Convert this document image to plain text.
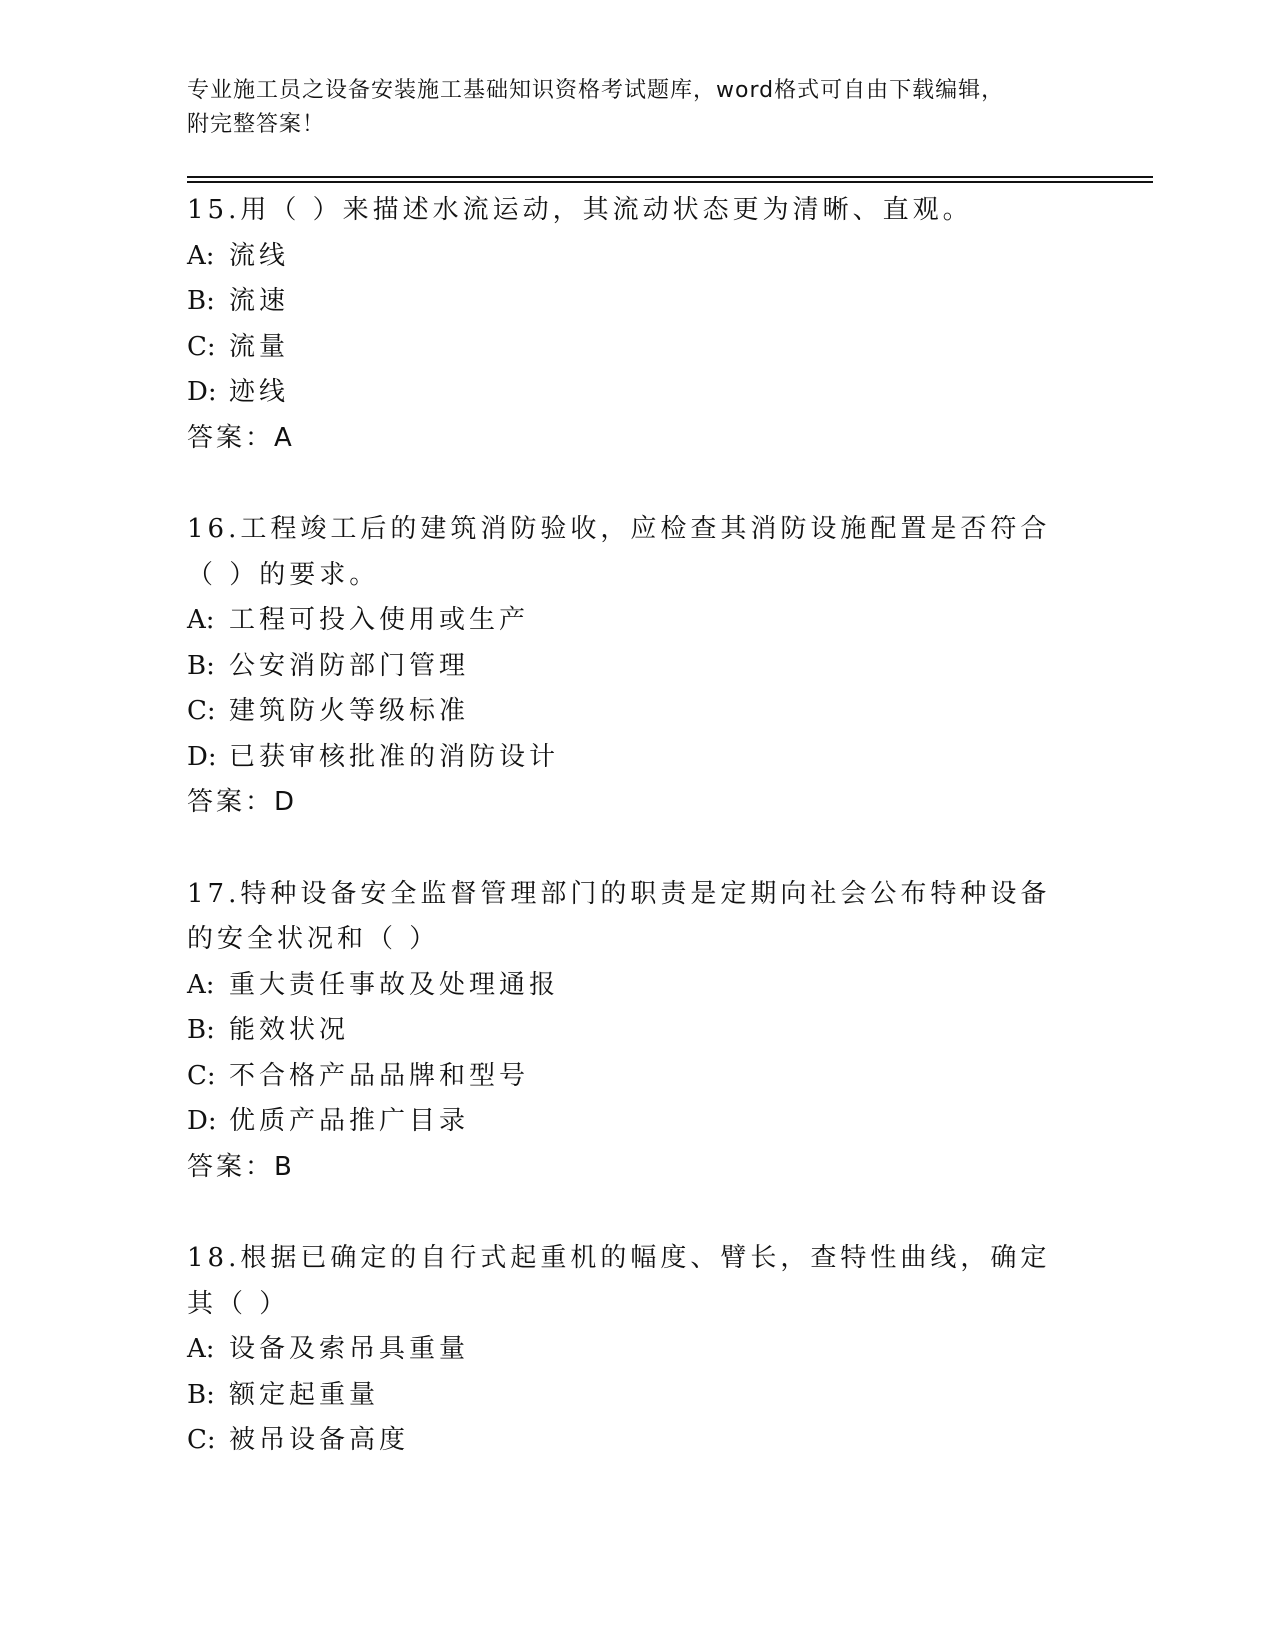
专业施工员之设备安装施工基础知识资格考试题库，word格式可自由下载编辑，
附完整答案！
15.用（ ）来描述水流运动，其流动状态更为清晰、直观。
A: 流线
B: 流速
C: 流量
D: 迹线
答案：A
16.工程竣工后的建筑消防验收，应检查其消防设施配置是否符合（ ）的要求。
A: 工程可投入使用或生产
B: 公安消防部门管理
C: 建筑防火等级标准
D: 已获审核批准的消防设计
答案：D
17.特种设备安全监督管理部门的职责是定期向社会公布特种设备的安全状况和（ ）
A: 重大责任事故及处理通报
B: 能效状况
C: 不合格产品品牌和型号
D: 优质产品推广目录
答案：B
18.根据已确定的自行式起重机的幅度、臂长，查特性曲线，确定其（ ）
A: 设备及索吊具重量
B: 额定起重量
C: 被吊设备高度
